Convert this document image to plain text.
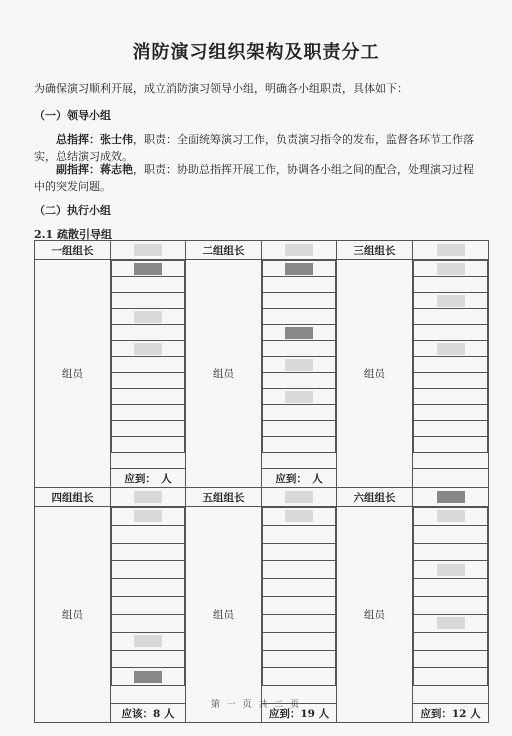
消防演习组织架构及职责分工
为确保演习顺利开展，成立消防演习领导小组，明确各小组职责，具体如下：
（一）领导小组
总指挥：张士伟，职责：全面统筹演习工作，负责演习指令的发布，监督各环节工作落实，总结演习成效。
副指挥：蒋志艳，职责：协助总指挥开展工作，协调各小组之间的配合，处理演习过程中的突发问题。
（二）执行小组
2.1 疏散引导组
一组组长		二组组长		三组组长	
组员		组员		组员	

应到：　人	应到：　人	
四组组长		五组组长		六组组长	
组员		组员		组员	

应该：8 人	应到：19 人	应到：12 人
第 一 页 共 二 页
